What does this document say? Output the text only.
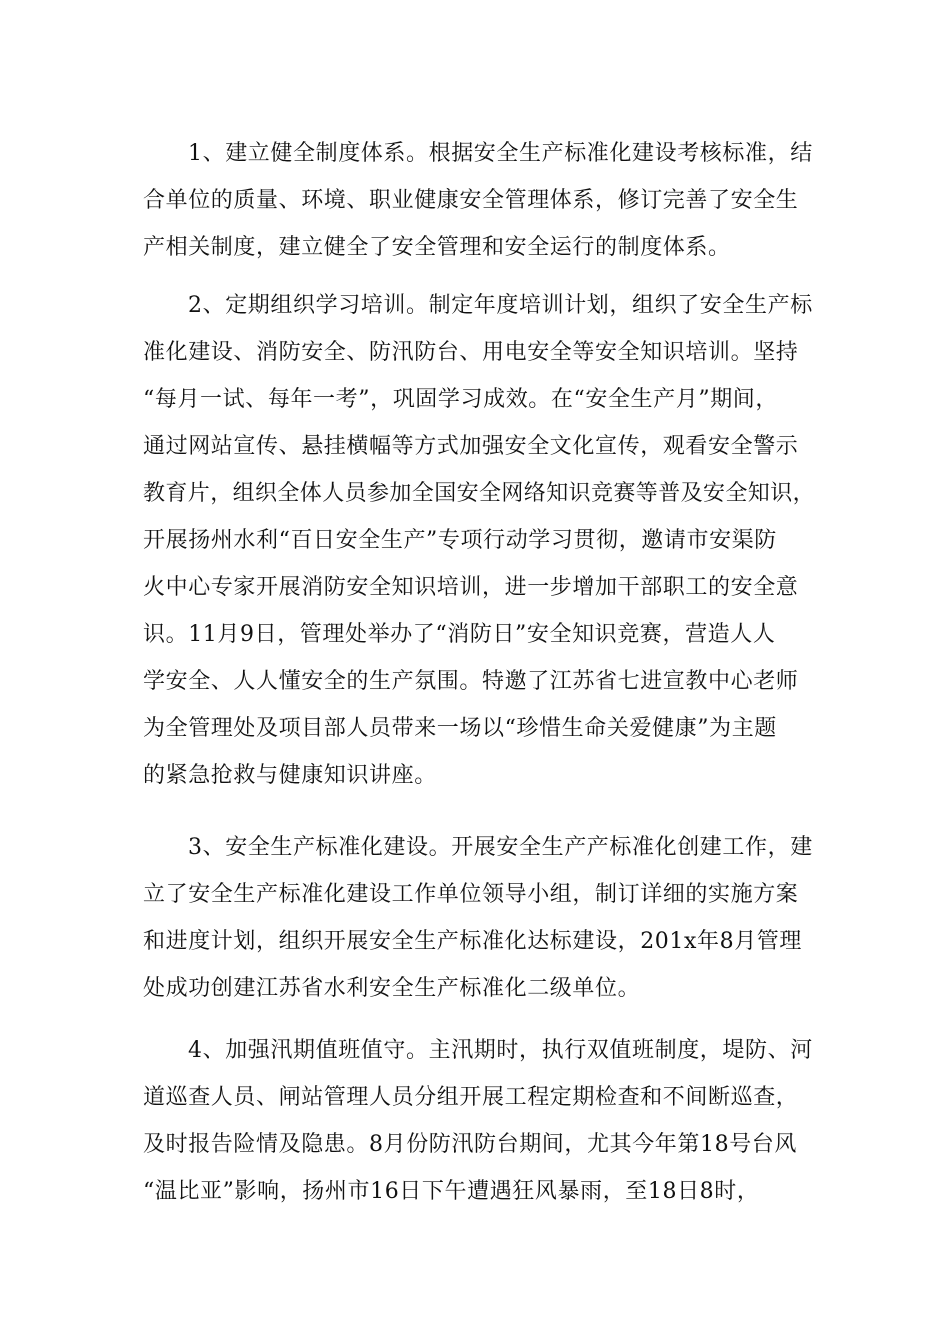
1、建立健全制度体系。根据安全生产标准化建设考核标准，结
合单位的质量、环境、职业健康安全管理体系，修订完善了安全生
产相关制度，建立健全了安全管理和安全运行的制度体系。
2、定期组织学习培训。制定年度培训计划，组织了安全生产标
准化建设、消防安全、防汛防台、用电安全等安全知识培训。坚持
“每月一试、每年一考”，巩固学习成效。在“安全生产月”期间，
通过网站宣传、悬挂横幅等方式加强安全文化宣传，观看安全警示
教育片，组织全体人员参加全国安全网络知识竞赛等普及安全知识，
开展扬州水利“百日安全生产”专项行动学习贯彻，邀请市安渠防
火中心专家开展消防安全知识培训，进一步增加干部职工的安全意
识。11月9日，管理处举办了“消防日”安全知识竞赛，营造人人
学安全、人人懂安全的生产氛围。特邀了江苏省七进宣教中心老师
为全管理处及项目部人员带来一场以“珍惜生命关爱健康”为主题
的紧急抢救与健康知识讲座。
3、安全生产标准化建设。开展安全生产产标准化创建工作，建
立了安全生产标准化建设工作单位领导小组，制订详细的实施方案
和进度计划，组织开展安全生产标准化达标建设，201x年8月管理
处成功创建江苏省水利安全生产标准化二级单位。
4、加强汛期值班值守。主汛期时，执行双值班制度，堤防、河
道巡查人员、闸站管理人员分组开展工程定期检查和不间断巡查，
及时报告险情及隐患。8月份防汛防台期间，尤其今年第18号台风
“温比亚”影响，扬州市16日下午遭遇狂风暴雨，至18日8时，
